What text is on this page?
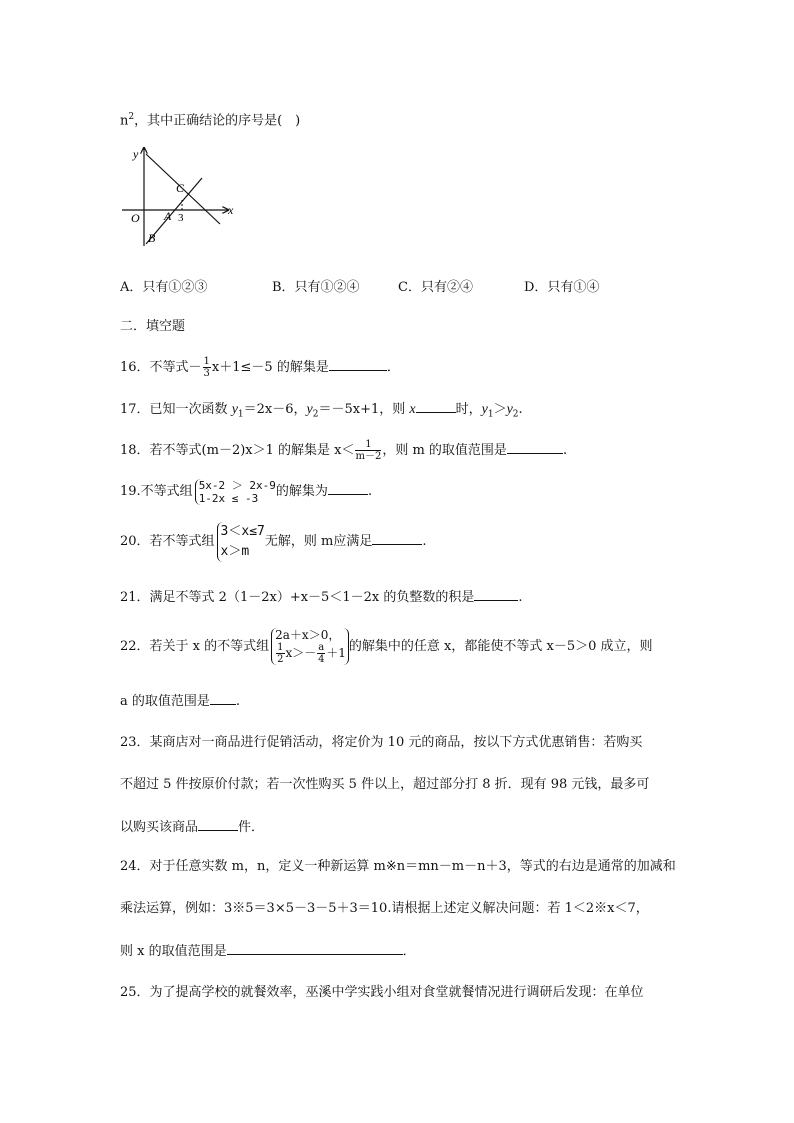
$n^2$，其中正确结论的序号是(　)
y
x
O A
B
C
3
A．只有①②③	B．只有①②④	C．只有②④	D．只有①④
二．填空题
16．不等式－ $\frac{1}{3} x+1\le-5$ 的解集是	．
17．已知一次函数 $y_1=2x-6$，$y_2=-5x+1$，则 x	时，$y_1>y_2$.
18．若不等式(m－2)x＞1 的解集是 $x< \frac{1}{m-2}$ ，则 m 的取值范围是	.
19.不等式组 5x-2 ＞ 2x-9
1-2x ≤ -3	的解集为	.
20．若不等式组
3＜x≤7
x＞m
无解，则 m应满足	.
21．满足不等式 2（1－2x）+x－5＜1－2x 的负整数的积是	.
22．若关于 x 的不等式组
2a＋x＞0，
$\frac{1}{2} x>- \frac{a}{4} +1$ 的解集中的任意 x，都能使不等式 x－5＞0 成立，则
a 的取值范围是 .
23．某商店对一商品进行促销活动，将定价为 10 元的商品，按以下方式优惠销售：若购买
不超过 5 件按原价付款；若一次性购买 5 件以上，超过部分打 8 折．现有 98 元钱，最多可
以购买该商品	件．
24．对于任意实数 m，n，定义一种新运算 m※n＝mn－m－n＋3，等式的右边是通常的加减和
乘法运算，例如：3※5＝3×5－3－5＋3＝10.请根据上述定义解决问题：若 1＜2※x＜7，
则 x 的取值范围是	．
25．为了提高学校的就餐效率，巫溪中学实践小组对食堂就餐情况进行调研后发现：在单位
